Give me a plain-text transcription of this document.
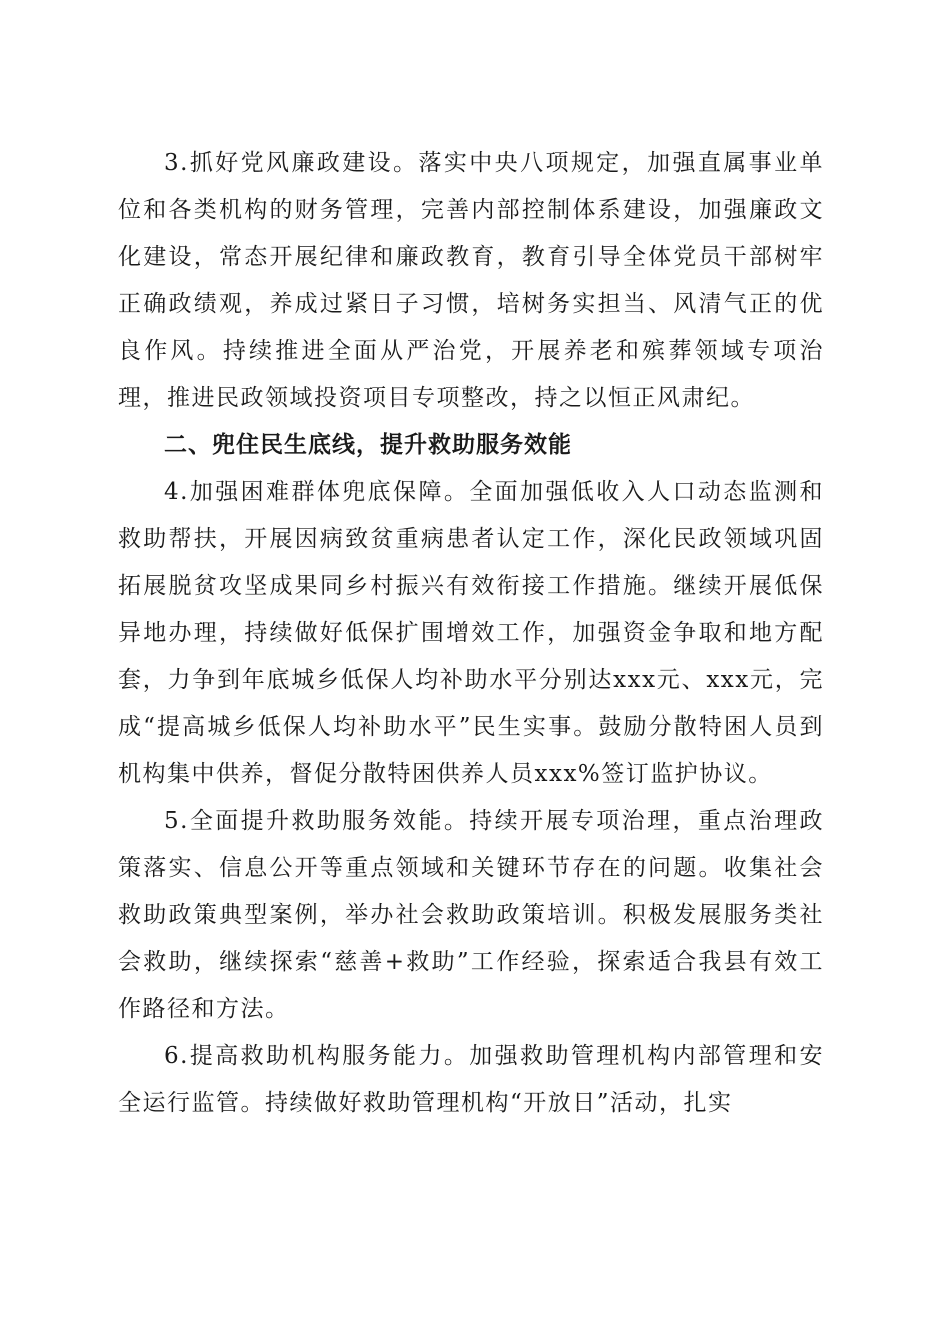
3.抓好党风廉政建设。落实中央八项规定，加强直属事业单位和各类机构的财务管理，完善内部控制体系建设，加强廉政文化建设，常态开展纪律和廉政教育，教育引导全体党员干部树牢正确政绩观，养成过紧日子习惯，培树务实担当、风清气正的优良作风。持续推进全面从严治党，开展养老和殡葬领域专项治理，推进民政领域投资项目专项整改，持之以恒正风肃纪。

二、兜住民生底线，提升救助服务效能

4.加强困难群体兜底保障。全面加强低收入人口动态监测和救助帮扶，开展因病致贫重病患者认定工作，深化民政领域巩固拓展脱贫攻坚成果同乡村振兴有效衔接工作措施。继续开展低保异地办理，持续做好低保扩围增效工作，加强资金争取和地方配套，力争到年底城乡低保人均补助水平分别达xxx元、xxx元，完成“提高城乡低保人均补助水平”民生实事。鼓励分散特困人员到机构集中供养，督促分散特困供养人员xxx%签订监护协议。

5.全面提升救助服务效能。持续开展专项治理，重点治理政策落实、信息公开等重点领域和关键环节存在的问题。收集社会救助政策典型案例，举办社会救助政策培训。积极发展服务类社会救助，继续探索“慈善+救助”工作经验，探索适合我县有效工作路径和方法。

6.提高救助机构服务能力。加强救助管理机构内部管理和安全运行监管。持续做好救助管理机构“开放日”活动，扎实
